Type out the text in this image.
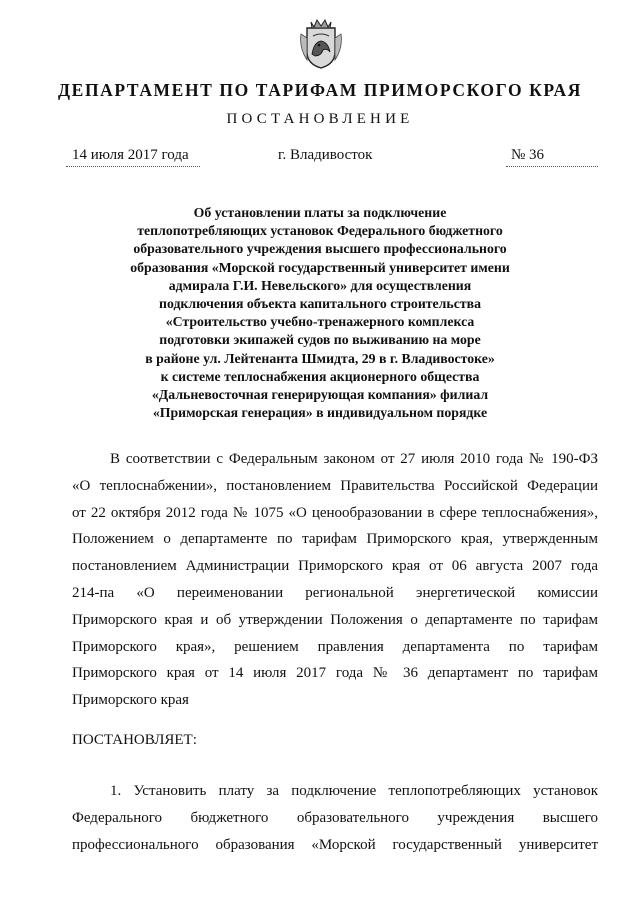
ДЕПАРТАМЕНТ ПО ТАРИФАМ ПРИМОРСКОГО КРАЯ
ПОСТАНОВЛЕНИЕ
14 июля 2017 года	г. Владивосток	№ 36
Об установлении платы за подключение
теплопотребляющих установок Федерального бюджетного
образовательного учреждения высшего профессионального
образования «Морской государственный университет имени
адмирала Г.И. Невельского» для осуществления
подключения объекта капитального строительства
«Строительство учебно-тренажерного комплекса
подготовки экипажей судов по выживанию на море
в районе ул. Лейтенанта Шмидта, 29 в г. Владивостоке»
к системе теплоснабжения акционерного общества
«Дальневосточная генерирующая компания» филиал
«Приморская генерация» в индивидуальном порядке
В соответствии с Федеральным законом от 27 июля 2010 года № 190-ФЗ
«О теплоснабжении», постановлением Правительства Российской Федерации
от 22 октября 2012 года № 1075 «О ценообразовании в сфере теплоснабжения»,
Положением о департаменте по тарифам Приморского края, утвержденным
постановлением Администрации Приморского края от 06 августа 2007 года
214-па «О переименовании региональной энергетической комиссии
Приморского края и об утверждении Положения о департаменте по тарифам
Приморского края», решением правления департамента по тарифам
Приморского края от 14 июля 2017 года № 36 департамент по тарифам
Приморского края
ПОСТАНОВЛЯЕТ:
1. Установить плату за подключение теплопотребляющих установок
Федерального бюджетного образовательного учреждения высшего
профессионального образования «Морской государственный университет
